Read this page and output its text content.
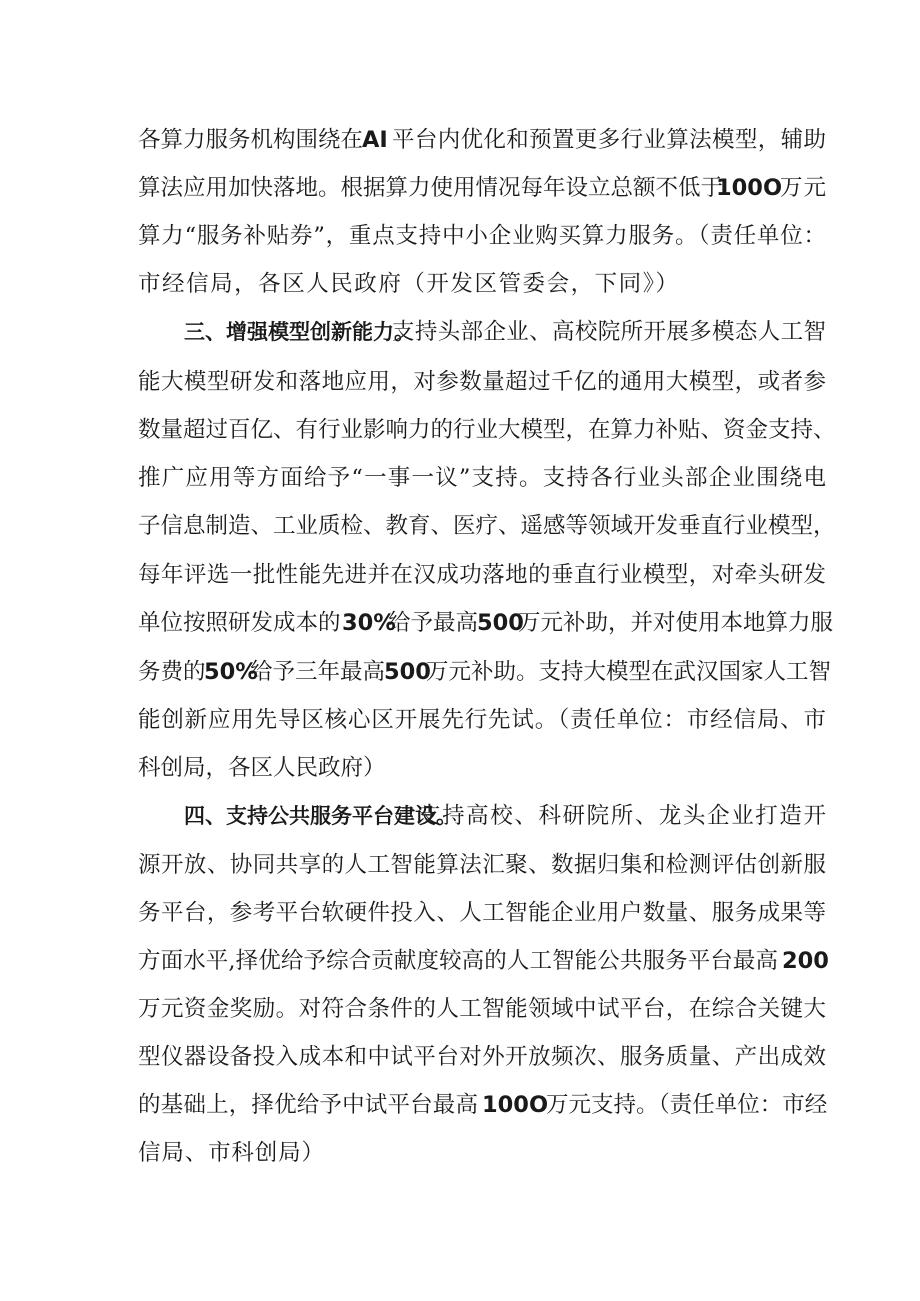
各算力服务机构围绕在
AI 平台内优化和预置更多行业算法模型，辅助
算法应用加快落地。根据算力使用情况每年设立总额不低于
100O
万元
算力“服务补贴券”，重点支持中小企业购买算力服务。（责任单位：
市经信局，各区人民政府（开发区管委会，下同》）
三、增强模型创新能力。
支持头部企业、高校院所开展多模态人工智
能大模型研发和落地应用，对参数量超过千亿的通用大模型，或者参
数量超过百亿、有行业影响力的行业大模型，在算力补贴、资金支持、
推广应用等方面给予“一事一议”支持。支持各行业头部企业围绕电
子信息制造、工业质检、教育、医疗、遥感等领域开发垂直行业模型，
每年评选一批性能先进并在汉成功落地的垂直行业模型，对牵头研发
单位按照研发成本的 30%
给予最高
500
万元补助，并对使用本地算力服
务费的
50%
给予三年最高
500
万元补助。支持大模型在武汉国家人工智
能创新应用先导区核心区开展先行先试。（责任单位：市经信局、市
科创局，各区人民政府）
四、支持公共服务平台建设。
支持高校、科研院所、龙头企业打造开
源开放、协同共享的人工智能算法汇聚、数据归集和检测评估创新服
务平台，参考平台软硬件投入、人工智能企业用户数量、服务成果等
方面水平,择优给予综合贡献度较高的人工智能公共服务平台最高 200
万元资金奖励。对符合条件的人工智能领域中试平台，在综合关键大
型仪器设备投入成本和中试平台对外开放频次、服务质量、产出成效
的基础上，择优给予中试平台最高 100O
万元支持。（责任单位：市经
信局、市科创局）
